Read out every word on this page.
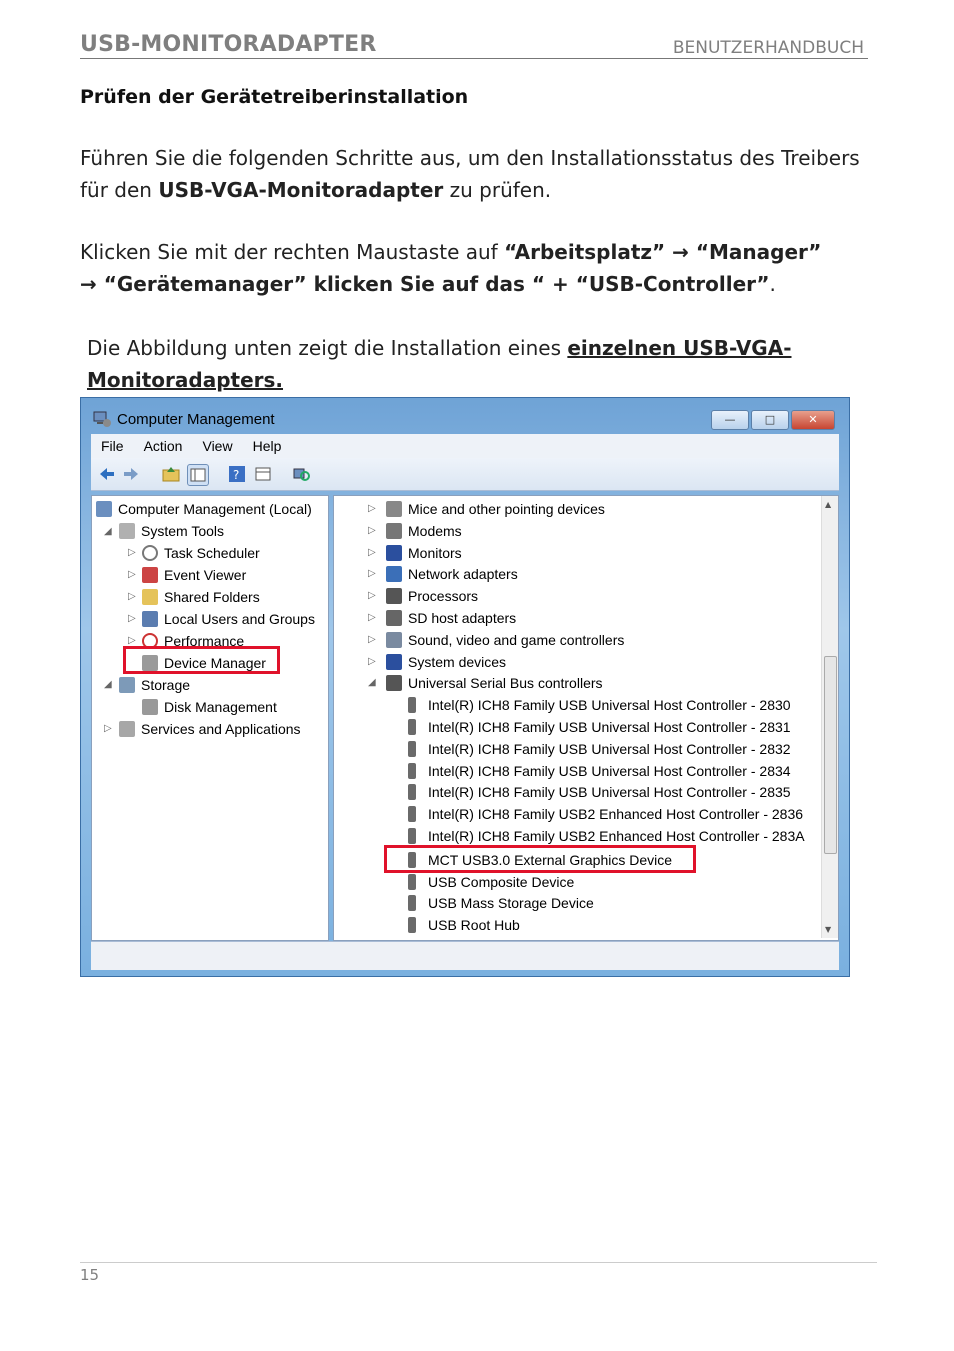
USB-MONITORADAPTER	BENUTZERHANDBUCH
Prüfen der Gerätetreiberinstallation
Führen Sie die folgenden Schritte aus, um den Installationsstatus des Treibers für den USB-VGA-Monitoradapter zu prüfen.
Klicken Sie mit der rechten Maustaste auf “Arbeitsplatz” → “Manager”
→ “Gerätemanager” klicken Sie auf das “ + “USB-Controller”.
Die Abbildung unten zeigt die Installation eines einzelnen USB-VGA-Monitoradapters.
Computer Management	—	□	✕
File	Action	View	Help
?
Computer Management (Local)
◢	System Tools
▷	Task Scheduler
▷	Event Viewer
▷	Shared Folders
▷	Local Users and Groups
▷	Performance
Device Manager
◢	Storage
Disk Management
▷	Services and Applications
▷	Mice and other pointing devices
▷	Modems
▷	Monitors
▷	Network adapters
▷	Processors
▷	SD host adapters
▷	Sound, video and game controllers
▷	System devices
◢	Universal Serial Bus controllers
Intel(R) ICH8 Family USB Universal Host Controller - 2830
Intel(R) ICH8 Family USB Universal Host Controller - 2831
Intel(R) ICH8 Family USB Universal Host Controller - 2832
Intel(R) ICH8 Family USB Universal Host Controller - 2834
Intel(R) ICH8 Family USB Universal Host Controller - 2835
Intel(R) ICH8 Family USB2 Enhanced Host Controller - 2836
Intel(R) ICH8 Family USB2 Enhanced Host Controller - 283A
MCT USB3.0 External Graphics Device
USB Composite Device
USB Mass Storage Device
USB Root Hub
▲
▼
15
